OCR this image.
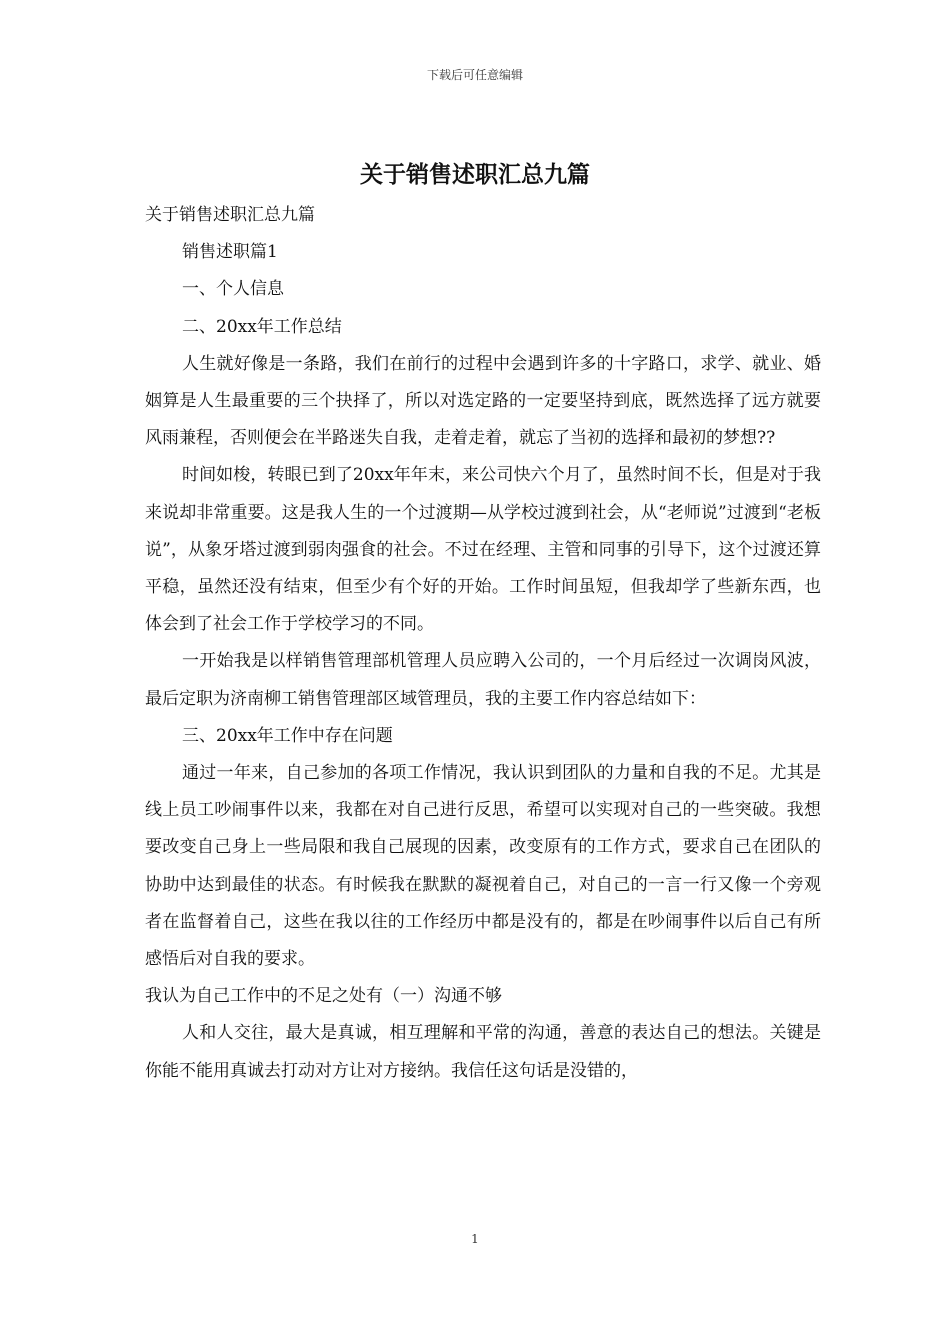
下载后可任意编辑
关于销售述职汇总九篇

关于销售述职汇总九篇

销售述职篇1

一、个人信息

二、20xx年工作总结

人生就好像是一条路，我们在前行的过程中会遇到许多的十字路口，求学、就业、婚姻算是人生最重要的三个抉择了，所以对选定路的一定要坚持到底，既然选择了远方就要风雨兼程，否则便会在半路迷失自我，走着走着，就忘了当初的选择和最初的梦想??

时间如梭，转眼已到了20xx年年末，来公司快六个月了，虽然时间不长，但是对于我来说却非常重要。这是我人生的一个过渡期—从学校过渡到社会，从“老师说”过渡到“老板说”，从象牙塔过渡到弱肉强食的社会。不过在经理、主管和同事的引导下，这个过渡还算平稳，虽然还没有结束，但至少有个好的开始。工作时间虽短，但我却学了些新东西，也体会到了社会工作于学校学习的不同。

一开始我是以样销售管理部机管理人员应聘入公司的，一个月后经过一次调岗风波，最后定职为济南柳工销售管理部区域管理员，我的主要工作内容总结如下：

三、20xx年工作中存在问题

通过一年来，自己参加的各项工作情况，我认识到团队的力量和自我的不足。尤其是线上员工吵闹事件以来，我都在对自己进行反思，希望可以实现对自己的一些突破。我想要改变自己身上一些局限和我自己展现的因素，改变原有的工作方式，要求自己在团队的协助中达到最佳的状态。有时候我在默默的凝视着自己，对自己的一言一行又像一个旁观者在监督着自己，这些在我以往的工作经历中都是没有的，都是在吵闹事件以后自己有所感悟后对自我的要求。

我认为自己工作中的不足之处有（一）沟通不够

人和人交往，最大是真诚，相互理解和平常的沟通，善意的表达自己的想法。关键是你能不能用真诚去打动对方让对方接纳。我信任这句话是没错的，

1
